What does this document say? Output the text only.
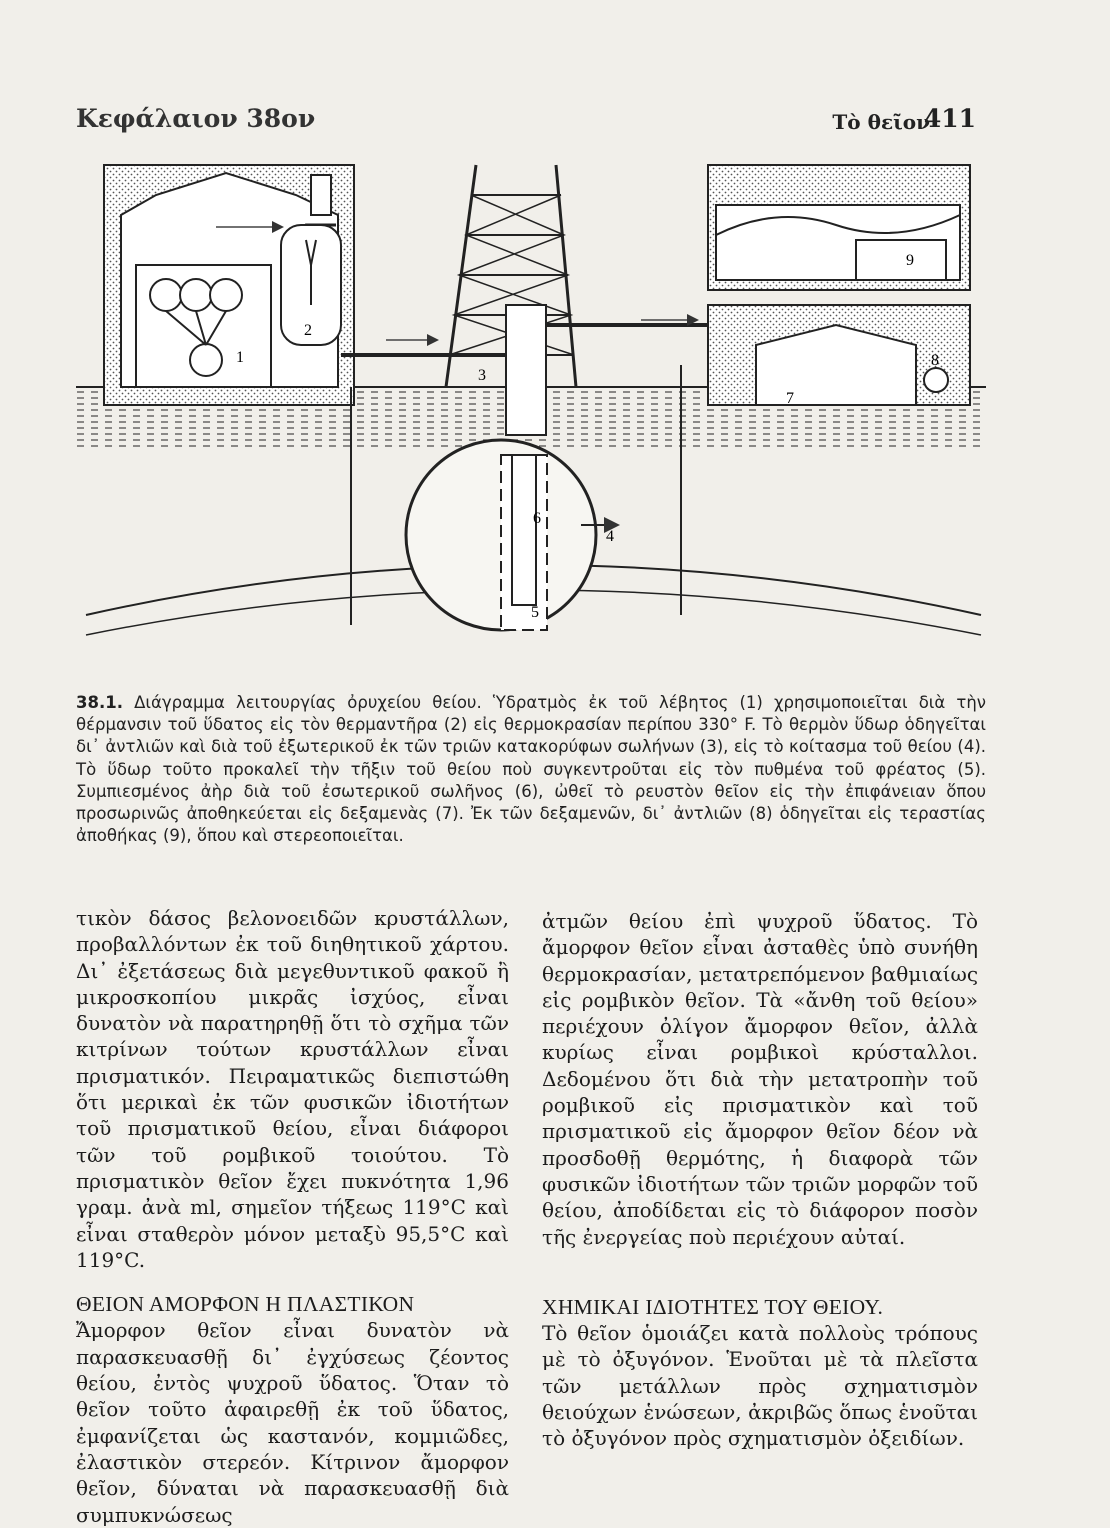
Κεφάλαιον 38ον	Τὸ θεῖον
411
1
2
3
6
4
5
9
8
7
38.1. Διάγραμμα λειτουργίας ὀρυχείου θείου. Ὑδρατμὸς ἐκ τοῦ λέβητος (1) χρησιμοποιεῖται διὰ τὴν θέρμανσιν τοῦ ὕδατος εἰς τὸν θερμαντῆρα (2) εἰς θερμοκρασίαν περίπου 330° F. Τὸ θερμὸν ὕδωρ ὁδηγεῖται δι᾽ ἀντλιῶν καὶ διὰ τοῦ ἐξωτερικοῦ ἐκ τῶν τριῶν κατακορύφων σωλήνων (3), εἰς τὸ κοίτασμα τοῦ θείου (4). Τὸ ὕδωρ τοῦτο προκαλεῖ τὴν τῆξιν τοῦ θείου ποὺ συγκεντροῦται εἰς τὸν πυθμένα τοῦ φρέατος (5). Συμπιεσμένος ἀὴρ διὰ τοῦ ἐσωτερικοῦ σωλῆνος (6), ὠθεῖ τὸ ρευστὸν θεῖον εἰς τὴν ἐπιφάνειαν ὅπου προσωρινῶς ἀποθηκεύεται εἰς δεξαμενὰς (7). Ἐκ τῶν δεξαμενῶν, δι᾽ ἀντλιῶν (8) ὁδηγεῖται εἰς τεραστίας ἀποθήκας (9), ὅπου καὶ στερεοποιεῖται.

τικὸν δάσος βελονοειδῶν κρυστάλλων, προβαλλόντων ἐκ τοῦ διηθητικοῦ χάρτου. Δι᾽ ἐξετάσεως διὰ μεγεθυντικοῦ φακοῦ ἢ μικροσκοπίου μικρᾶς ἰσχύος, εἶναι δυνατὸν νὰ παρατηρηθῇ ὅτι τὸ σχῆμα τῶν κιτρίνων τούτων κρυστάλλων εἶναι πρισματικόν. Πειραματικῶς διεπιστώθη ὅτι μερικαὶ ἐκ τῶν φυσικῶν ἰδιοτήτων τοῦ πρισματικοῦ θείου, εἶναι διάφοροι τῶν τοῦ ρομβικοῦ τοιούτου. Τὸ πρισματικὸν θεῖον ἔχει πυκνότητα 1,96 γραμ. ἀνὰ ml, σημεῖον τήξεως 119°C καὶ εἶναι σταθερὸν μόνον μεταξὺ 95,5°C καὶ 119°C.

ΘΕΙΟΝ ΑΜΟΡΦΟΝ Η ΠΛΑΣΤΙΚΟΝ

Ἄμορφον θεῖον εἶναι δυνατὸν νὰ παρασκευασθῇ δι᾽ ἐγχύσεως ζέοντος θείου, ἐντὸς ψυχροῦ ὕδατος. Ὅταν τὸ θεῖον τοῦτο ἀφαιρεθῇ ἐκ τοῦ ὕδατος, ἐμφανίζεται ὡς καστανόν, κομμιῶδες, ἐλαστικὸν στερεόν. Κίτρινον ἄμορφον θεῖον, δύναται νὰ παρασκευασθῇ διὰ συμπυκνώσεως

ἀτμῶν θείου ἐπὶ ψυχροῦ ὕδατος. Τὸ ἄμορφον θεῖον εἶναι ἀσταθὲς ὑπὸ συνήθη θερμοκρασίαν, μετατρεπόμενον βαθμιαίως εἰς ρομβικὸν θεῖον. Τὰ «ἄνθη τοῦ θείου» περιέχουν ὀλίγον ἄμορφον θεῖον, ἀλλὰ κυρίως εἶναι ρομβικοὶ κρύσταλλοι. Δεδομένου ὅτι διὰ τὴν μετατροπὴν τοῦ ρομβικοῦ εἰς πρισματικὸν καὶ τοῦ πρισματικοῦ εἰς ἄμορφον θεῖον δέον νὰ προσδοθῇ θερμότης, ἡ διαφορὰ τῶν φυσικῶν ἰδιοτήτων τῶν τριῶν μορφῶν τοῦ θείου, ἀποδίδεται εἰς τὸ διάφορον ποσὸν τῆς ἐνεργείας ποὺ περιέχουν αὐταί.

ΧΗΜΙΚΑΙ ΙΔΙΟΤΗΤΕΣ ΤΟΥ ΘΕΙΟΥ.

Τὸ θεῖον ὁμοιάζει κατὰ πολλοὺς τρόπους μὲ τὸ ὀξυγόνον. Ἑνοῦται μὲ τὰ πλεῖστα τῶν μετάλλων πρὸς σχηματισμὸν θειούχων ἑνώσεων, ἀκριβῶς ὅπως ἑνοῦται τὸ ὀξυγόνον πρὸς σχηματισμὸν ὀξειδίων.
